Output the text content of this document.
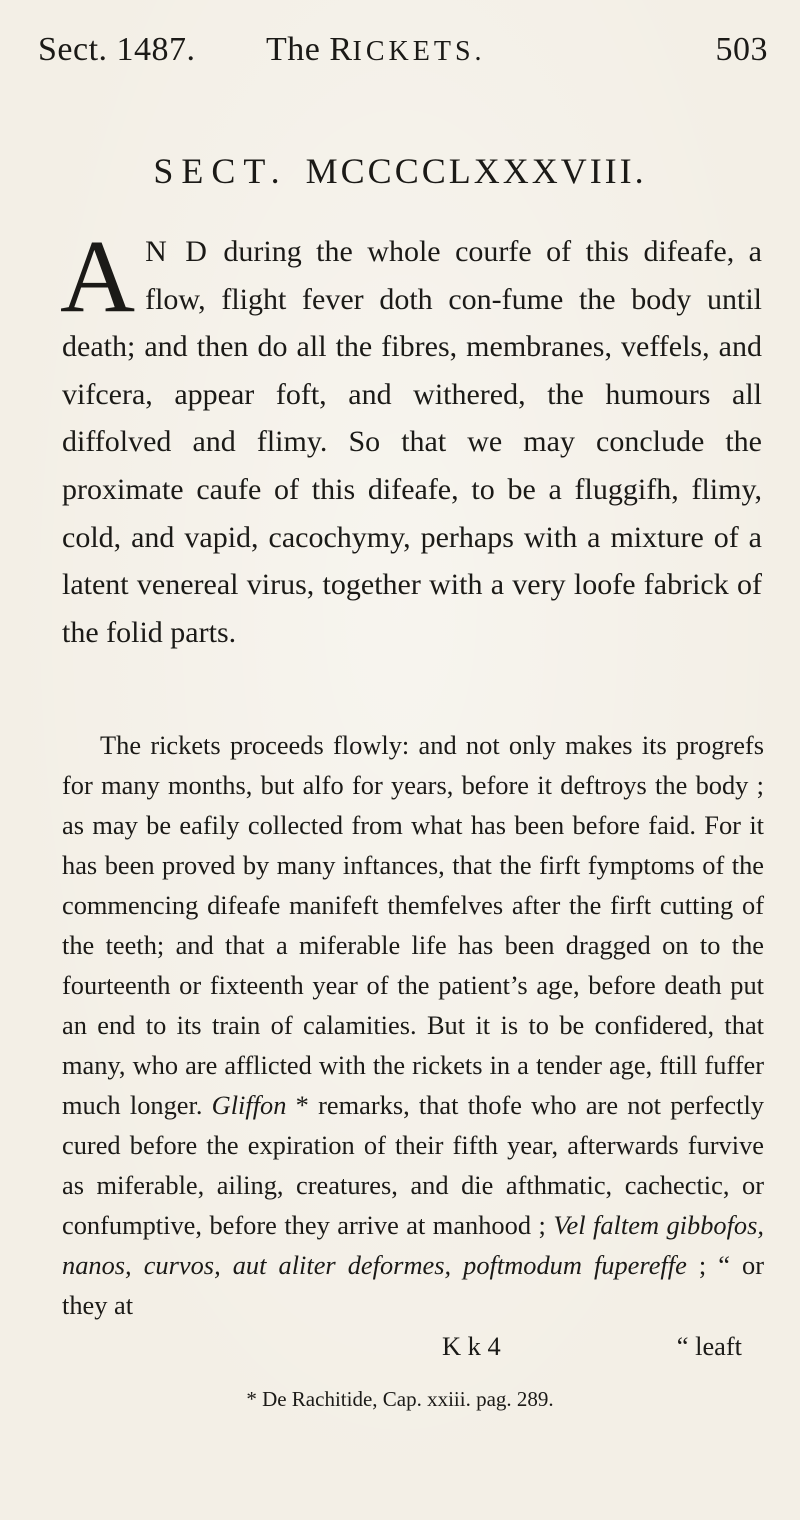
Sect. 1487. The RICKETS.	503
SECT. MCCCCLXXXVIII.
A N D during the whole courfe of this difeafe, a flow, flight fever doth con-fume the body until death; and then do all the fibres, membranes, veffels, and vifcera, appear foft, and withered, the humours all diffolved and flimy. So that we may conclude the proximate caufe of this difeafe, to be a fluggifh, flimy, cold, and vapid, cacochymy, perhaps with a mixture of a latent venereal virus, together with a very loofe fabrick of the folid parts.
The rickets proceeds flowly: and not only makes its progrefs for many months, but alfo for years, before it deftroys the body ; as may be eafily collected from what has been before faid. For it has been proved by many inftances, that the firft fymptoms of the commencing difeafe manifeft themfelves after the firft cutting of the teeth; and that a miferable life has been dragged on to the fourteenth or fixteenth year of the patient’s age, before death put an end to its train of calamities. But it is to be confidered, that many, who are afflicted with the rickets in a tender age, ftill fuffer much longer. Gliffon * remarks, that thofe who are not perfectly cured before the expiration of their fifth year, afterwards furvive as miferable, ailing, creatures, and die afthmatic, cachectic, or confumptive, before they arrive at manhood ; Vel faltem gibbofos, nanos, curvos, aut aliter deformes, poftmodum fupereffe ; “ or they at
K k 4	“ leaft
* De Rachitide, Cap. xxiii. pag. 289.
